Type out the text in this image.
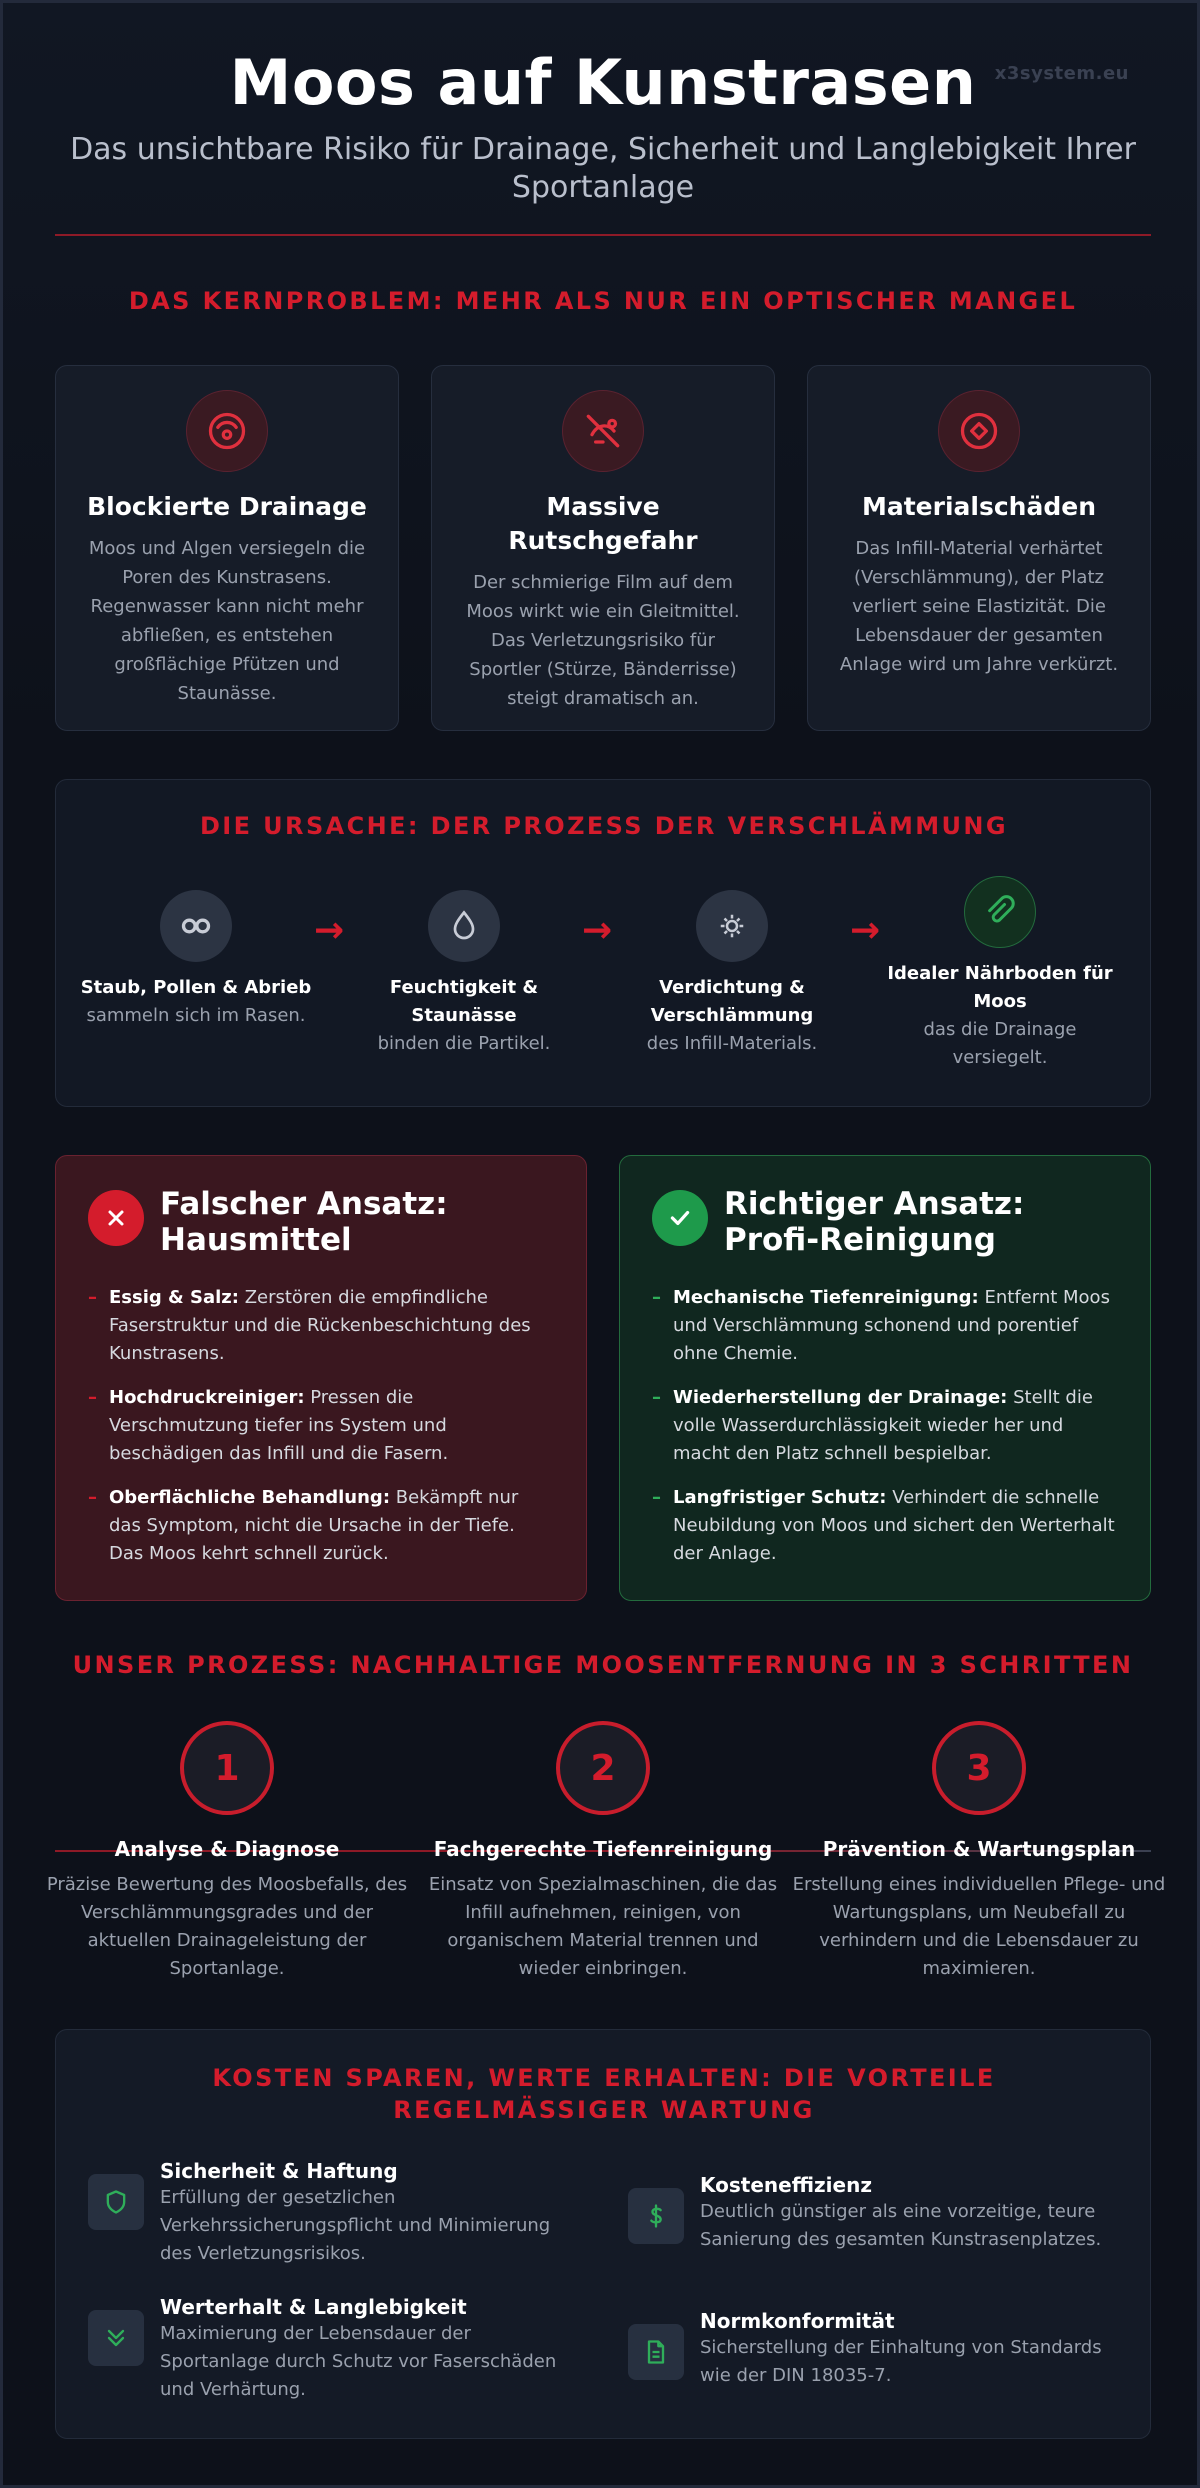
Moos auf Kunstrasen
Das unsichtbare Risiko für Drainage, Sicherheit und Langlebigkeit Ihrer Sportanlage
x3system.eu
DAS KERNPROBLEM: MEHR ALS NUR EIN OPTISCHER MANGEL
Blockierte Drainage

Moos und Algen versiegeln die Poren des Kunstrasens. Regenwasser kann nicht mehr abfließen, es entstehen großflächige Pfützen und Staunässe.

Massive Rutschgefahr

Der schmierige Film auf dem Moos wirkt wie ein Gleitmittel. Das Verletzungsrisiko für Sportler (Stürze, Bänderrisse) steigt dramatisch an.

Materialschäden

Das Infill-Material verhärtet (Verschlämmung), der Platz verliert seine Elastizität. Die Lebensdauer der gesamten Anlage wird um Jahre verkürzt.

DIE URSACHE: DER PROZESS DER VERSCHLÄMMUNG
Staub, Pollen & Abrieb
sammeln sich im Rasen.
→
Feuchtigkeit & Staunässe
binden die Partikel.
→
Verdichtung & Verschlämmung
des Infill-Materials.
→
Idealer Nährboden für Moos
das die Drainage versiegelt.
Falscher Ansatz: Hausmittel
– Essig & Salz: Zerstören die empfindliche Faserstruktur und die Rückenbeschichtung des Kunstrasens.
– Hochdruckreiniger: Pressen die Verschmutzung tiefer ins System und beschädigen das Infill und die Fasern.
– Oberflächliche Behandlung: Bekämpft nur das Symptom, nicht die Ursache in der Tiefe. Das Moos kehrt schnell zurück.
Richtiger Ansatz: Profi-Reinigung
– Mechanische Tiefenreinigung: Entfernt Moos und Verschlämmung schonend und porentief ohne Chemie.
– Wiederherstellung der Drainage: Stellt die volle Wasserdurchlässigkeit wieder her und macht den Platz schnell bespielbar.
– Langfristiger Schutz: Verhindert die schnelle Neubildung von Moos und sichert den Werterhalt der Anlage.
UNSER PROZESS: NACHHALTIGE MOOSENTFERNUNG IN 3 SCHRITTEN
1
Analyse & Diagnose
Präzise Bewertung des Moosbefalls, des Verschlämmungsgrades und der aktuellen Drainageleistung der Sportanlage.
2
Fachgerechte Tiefenreinigung
Einsatz von Spezialmaschinen, die das Infill aufnehmen, reinigen, von organischem Material trennen und wieder einbringen.
3
Prävention & Wartungsplan
Erstellung eines individuellen Pflege- und Wartungsplans, um Neubefall zu verhindern und die Lebensdauer zu maximieren.
KOSTEN SPAREN, WERTE ERHALTEN: DIE VORTEILE REGELMÄSSIGER WARTUNG
Sicherheit & Haftung
Erfüllung der gesetzlichen Verkehrssicherungspflicht und Minimierung des Verletzungsrisikos.
Kosteneffizienz
Deutlich günstiger als eine vorzeitige, teure Sanierung des gesamten Kunstrasenplatzes.
Werterhalt & Langlebigkeit
Maximierung der Lebensdauer der Sportanlage durch Schutz vor Faserschäden und Verhärtung.
Normkonformität
Sicherstellung der Einhaltung von Standards wie der DIN 18035-7.
